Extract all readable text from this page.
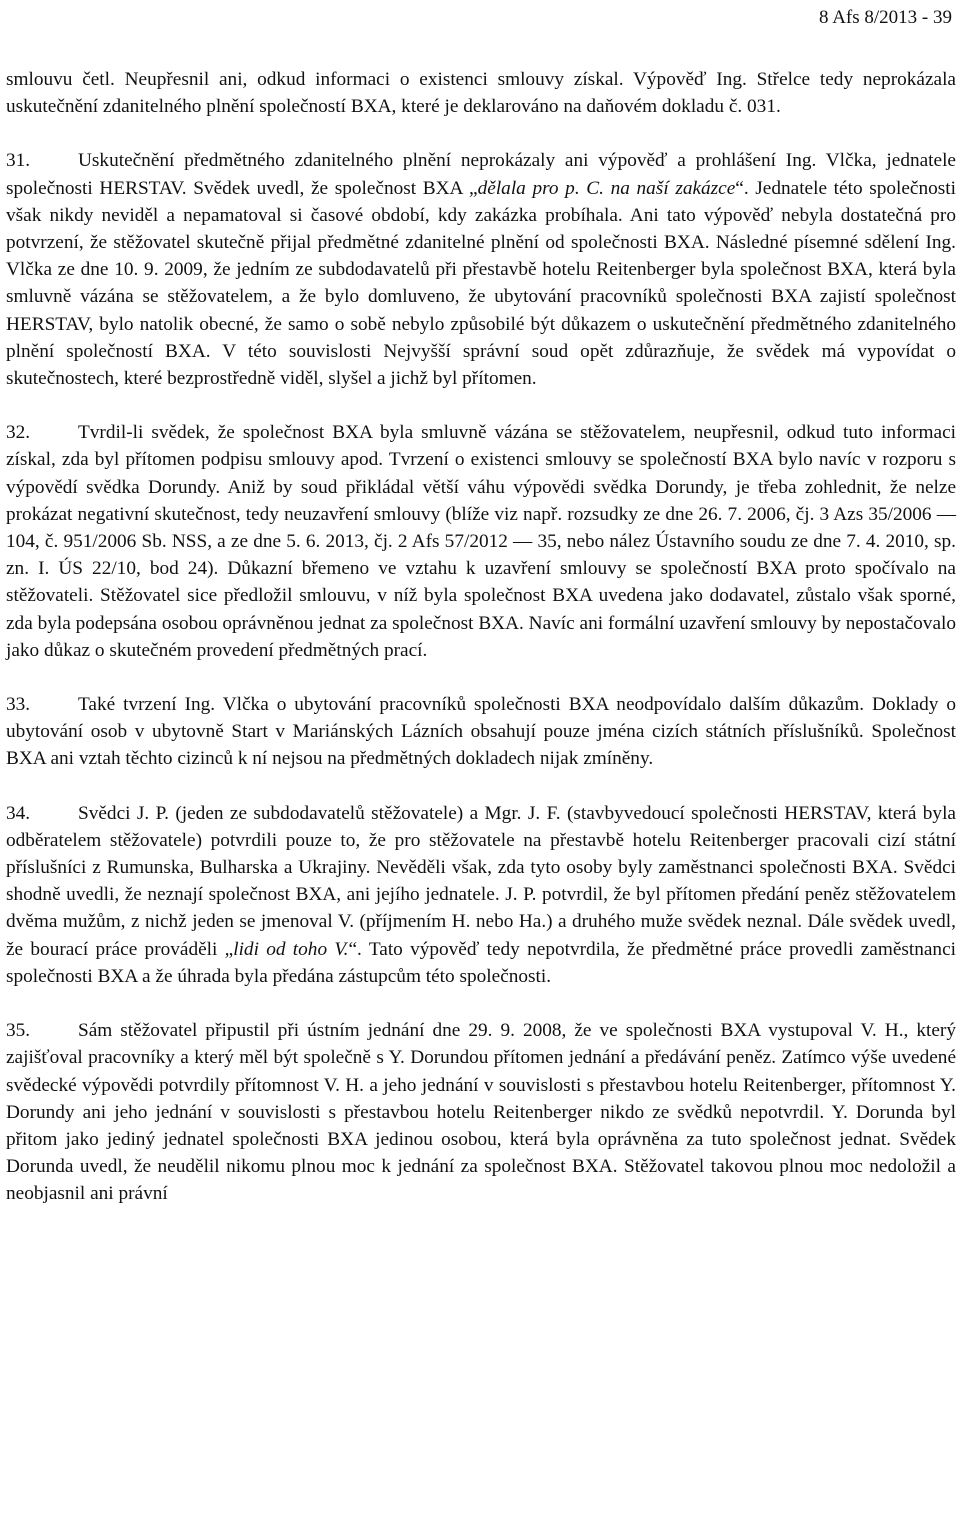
8 Afs 8/2013 - 39

smlouvu četl. Neupřesnil ani, odkud informaci o existenci smlouvy získal. Výpověď Ing. Střelce tedy neprokázala uskutečnění zdanitelného plnění společností BXA, které je deklarováno na daňovém dokladu č. 031.

31. Uskutečnění předmětného zdanitelného plnění neprokázaly ani výpověď a prohlášení Ing. Vlčka, jednatele společnosti HERSTAV. Svědek uvedl, že společnost BXA „dělala pro p. C. na naší zakázce“. Jednatele této společnosti však nikdy neviděl a nepamatoval si časové období, kdy zakázka probíhala. Ani tato výpověď nebyla dostatečná pro potvrzení, že stěžovatel skutečně přijal předmětné zdanitelné plnění od společnosti BXA. Následné písemné sdělení Ing. Vlčka ze dne 10. 9. 2009, že jedním ze subdodavatelů při přestavbě hotelu Reitenberger byla společnost BXA, která byla smluvně vázána se stěžovatelem, a že bylo domluveno, že ubytování pracovníků společnosti BXA zajistí společnost HERSTAV, bylo natolik obecné, že samo o sobě nebylo způsobilé být důkazem o uskutečnění předmětného zdanitelného plnění společností BXA. V této souvislosti Nejvyšší správní soud opět zdůrazňuje, že svědek má vypovídat o skutečnostech, které bezprostředně viděl, slyšel a jichž byl přítomen.

32. Tvrdil-li svědek, že společnost BXA byla smluvně vázána se stěžovatelem, neupřesnil, odkud tuto informaci získal, zda byl přítomen podpisu smlouvy apod. Tvrzení o existenci smlouvy se společností BXA bylo navíc v rozporu s výpovědí svědka Dorundy. Aniž by soud přikládal větší váhu výpovědi svědka Dorundy, je třeba zohlednit, že nelze prokázat negativní skutečnost, tedy neuzavření smlouvy (blíže viz např. rozsudky ze dne 26. 7. 2006, čj. 3 Azs 35/2006 — 104, č. 951/2006 Sb. NSS, a ze dne 5. 6. 2013, čj. 2 Afs 57/2012 — 35, nebo nález Ústavního soudu ze dne 7. 4. 2010, sp. zn. I. ÚS 22/10, bod 24). Důkazní břemeno ve vztahu k uzavření smlouvy se společností BXA proto spočívalo na stěžovateli. Stěžovatel sice předložil smlouvu, v níž byla společnost BXA uvedena jako dodavatel, zůstalo však sporné, zda byla podepsána osobou oprávněnou jednat za společnost BXA. Navíc ani formální uzavření smlouvy by nepostačovalo jako důkaz o skutečném provedení předmětných prací.

33. Také tvrzení Ing. Vlčka o ubytování pracovníků společnosti BXA neodpovídalo dalším důkazům. Doklady o ubytování osob v ubytovně Start v Mariánských Lázních obsahují pouze jména cizích státních příslušníků. Společnost BXA ani vztah těchto cizinců k ní nejsou na předmětných dokladech nijak zmíněny.

34. Svědci J. P. (jeden ze subdodavatelů stěžovatele) a Mgr. J. F. (stavbyvedoucí společnosti HERSTAV, která byla odběratelem stěžovatele) potvrdili pouze to, že pro stěžovatele na přestavbě hotelu Reitenberger pracovali cizí státní příslušníci z Rumunska, Bulharska a Ukrajiny. Nevěděli však, zda tyto osoby byly zaměstnanci společnosti BXA. Svědci shodně uvedli, že neznají společnost BXA, ani jejího jednatele. J. P. potvrdil, že byl přítomen předání peněz stěžovatelem dvěma mužům, z nichž jeden se jmenoval V. (příjmením H. nebo Ha.) a druhého muže svědek neznal. Dále svědek uvedl, že bourací práce prováděli „lidi od toho V.“. Tato výpověď tedy nepotvrdila, že předmětné práce provedli zaměstnanci společnosti BXA a že úhrada byla předána zástupcům této společnosti.

35. Sám stěžovatel připustil při ústním jednání dne 29. 9. 2008, že ve společnosti BXA vystupoval V. H., který zajišťoval pracovníky a který měl být společně s Y. Dorundou přítomen jednání a předávání peněz. Zatímco výše uvedené svědecké výpovědi potvrdily přítomnost V. H. a jeho jednání v souvislosti s přestavbou hotelu Reitenberger, přítomnost Y. Dorundy ani jeho jednání v souvislosti s přestavbou hotelu Reitenberger nikdo ze svědků nepotvrdil. Y. Dorunda byl přitom jako jediný jednatel společnosti BXA jedinou osobou, která byla oprávněna za tuto společnost jednat. Svědek Dorunda uvedl, že neudělil nikomu plnou moc k jednání za společnost BXA. Stěžovatel takovou plnou moc nedoložil a neobjasnil ani právní
